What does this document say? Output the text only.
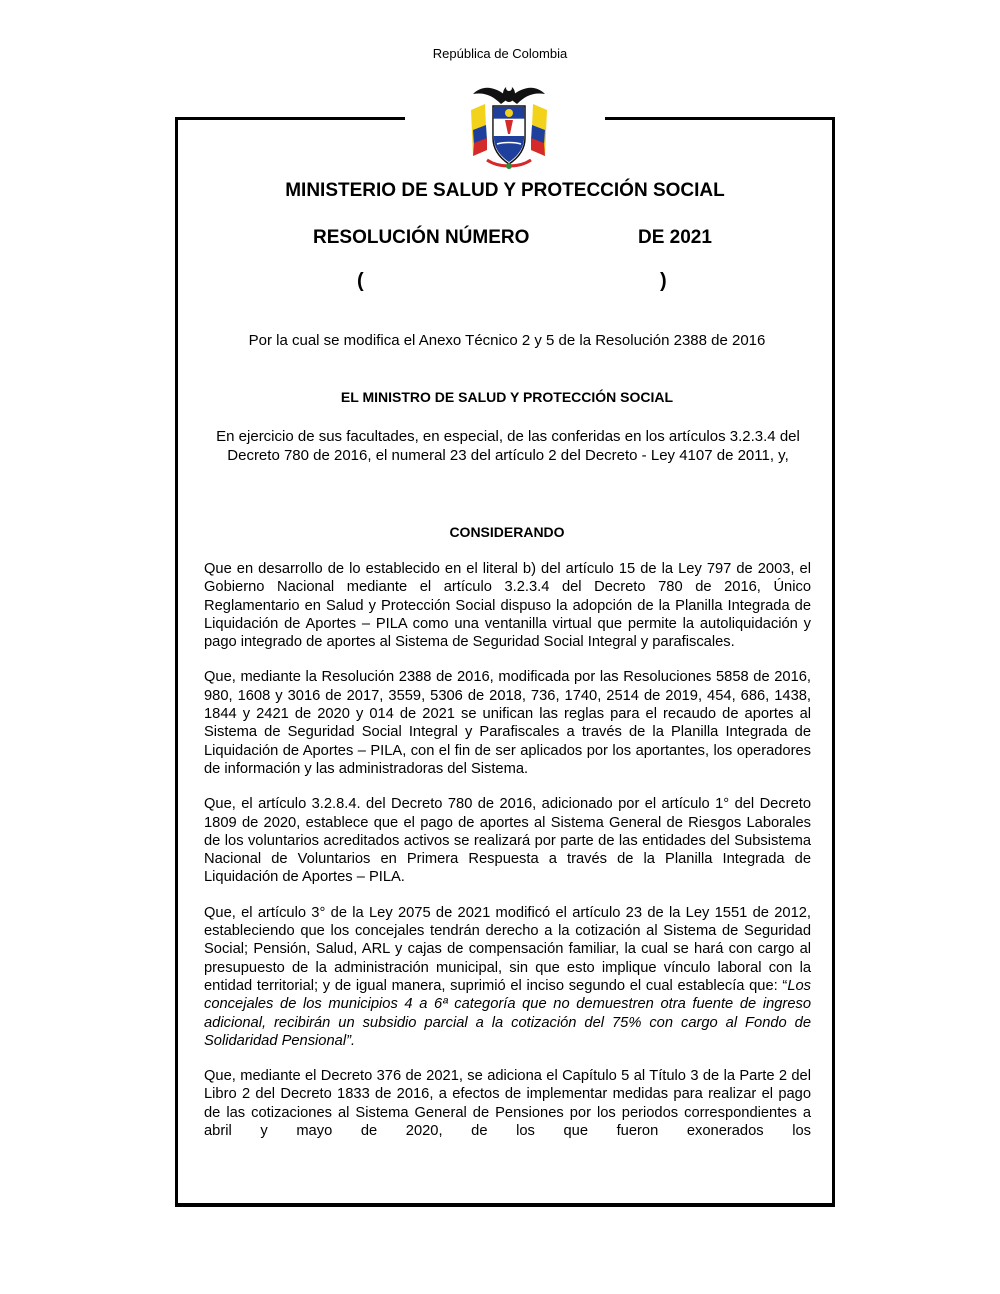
República de Colombia
MINISTERIO DE SALUD Y PROTECCIÓN SOCIAL
RESOLUCIÓN NÚMERO	DE 2021
(	)
Por la cual se modifica el Anexo Técnico 2 y 5 de la Resolución 2388 de 2016
EL MINISTRO DE SALUD Y PROTECCIÓN SOCIAL
En ejercicio de sus facultades, en especial, de las conferidas en los artículos 3.2.3.4 del Decreto 780 de 2016, el numeral 23 del artículo 2 del Decreto - Ley 4107 de 2011, y,
CONSIDERANDO

Que en desarrollo de lo establecido en el literal b) del artículo 15 de la Ley 797 de 2003, el Gobierno Nacional mediante el artículo 3.2.3.4 del Decreto 780 de 2016, Único Reglamentario en Salud y Protección Social dispuso la adopción de la Planilla Integrada de Liquidación de Aportes – PILA como una ventanilla virtual que permite la autoliquidación y pago integrado de aportes al Sistema de Seguridad Social Integral y parafiscales.

Que, mediante la Resolución 2388 de 2016, modificada por las Resoluciones 5858 de 2016, 980, 1608 y 3016 de 2017, 3559, 5306 de 2018, 736, 1740, 2514 de 2019, 454, 686, 1438, 1844 y 2421 de 2020 y 014 de 2021 se unifican las reglas para el recaudo de aportes al Sistema de Seguridad Social Integral y Parafiscales a través de la Planilla Integrada de Liquidación de Aportes – PILA, con el fin de ser aplicados por los aportantes, los operadores de información y las administradoras del Sistema.

Que, el artículo 3.2.8.4. del Decreto 780 de 2016, adicionado por el artículo 1° del Decreto 1809 de 2020, establece que el pago de aportes al Sistema General de Riesgos Laborales de los voluntarios acreditados activos se realizará por parte de las entidades del Subsistema Nacional de Voluntarios en Primera Respuesta a través de la Planilla Integrada de Liquidación de Aportes – PILA.

Que, el artículo 3° de la Ley 2075 de 2021 modificó el artículo 23 de la Ley 1551 de 2012, estableciendo que los concejales tendrán derecho a la cotización al Sistema de Seguridad Social; Pensión, Salud, ARL y cajas de compensación familiar, la cual se hará con cargo al presupuesto de la administración municipal, sin que esto implique vínculo laboral con la entidad territorial; y de igual manera, suprimió el inciso segundo el cual establecía que: “Los concejales de los municipios 4 a 6ª categoría que no demuestren otra fuente de ingreso adicional, recibirán un subsidio parcial a la cotización del 75% con cargo al Fondo de Solidaridad Pensional”.

Que, mediante el Decreto 376 de 2021, se adiciona el Capítulo 5 al Título 3 de la Parte 2 del Libro 2 del Decreto 1833 de 2016, a efectos de implementar medidas para realizar el pago de las cotizaciones al Sistema General de Pensiones por los periodos correspondientes a abril y mayo de 2020, de los que fueron exonerados los
